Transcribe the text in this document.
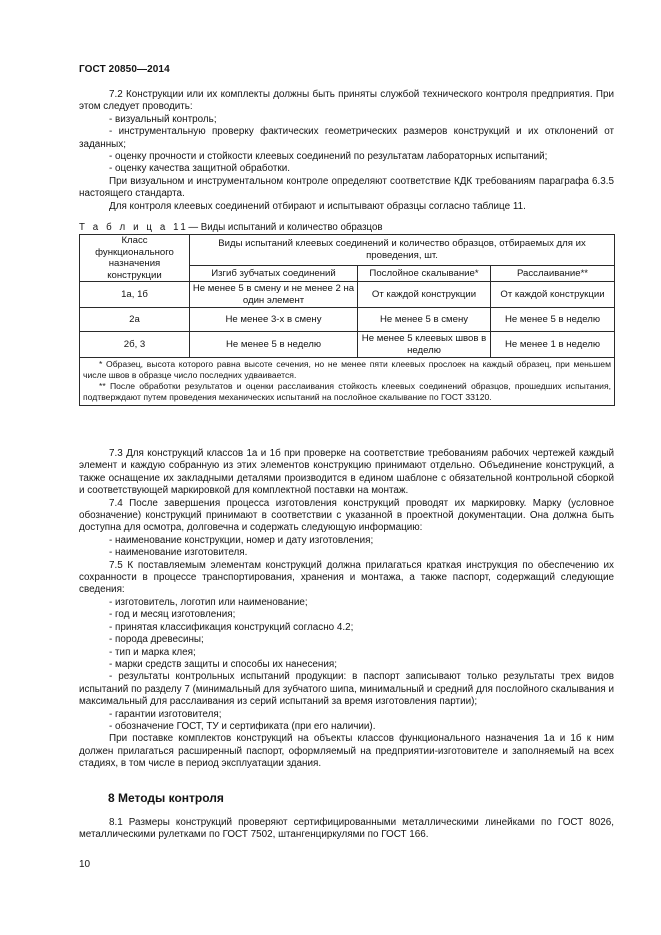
ГОСТ 20850—2014

7.2 Конструкции или их комплекты должны быть приняты службой технического контроля предприятия. При этом следует проводить:

- визуальный контроль;

- инструментальную проверку фактических геометрических размеров конструкций и их отклонений от заданных;

- оценку прочности и стойкости клеевых соединений по результатам лабораторных испытаний;

- оценку качества защитной обработки.

При визуальном и инструментальном контроле определяют соответствие КДК требованиям параграфа 6.3.5 настоящего стандарта.

Для контроля клеевых соединений отбирают и испытывают образцы согласно таблице 11.

Т а б л и ц а 11— Виды испытаний и количество образцов
Класс функционального назначения конструкции	Виды испытаний клеевых соединений и количество образцов, отбираемых для их проведения, шт.		
	Изгиб зубчатых соединений	Послойное скалывание*	Расслаивание**
1а, 1б	Не менее 5 в смену и не менее 2 на один элемент	От каждой конструкции	От каждой конструкции
2а	Не менее 3-х в смену	Не менее 5 в смену	Не менее 5 в неделю
2б, 3	Не менее 5 в неделю	Не менее 5 клеевых швов в неделю	Не менее 1 в неделю

* Образец, высота которого равна высоте сечения, но не менее пяти клеевых прослоек на каждый образец, при меньшем числе швов в образце число последних удваивается.

** После обработки результатов и оценки расслаивания стойкость клеевых соединений образцов, прошедших испытания, подтверждают путем проведения механических испытаний на послойное скалывание по ГОСТ 33120.			

7.3 Для конструкций классов 1а и 1б при проверке на соответствие требованиям рабочих чертежей каждый элемент и каждую собранную из этих элементов конструкцию принимают отдельно. Объединение конструкций, а также оснащение их закладными деталями производится в едином шаблоне с обязательной контрольной сборкой и соответствующей маркировкой для комплектной поставки на монтаж.

7.4 После завершения процесса изготовления конструкций проводят их маркировку. Марку (условное обозначение) конструкций принимают в соответствии с указанной в проектной документации. Она должна быть доступна для осмотра, долговечна и содержать следующую информацию:

- наименование конструкции, номер и дату изготовления;

- наименование изготовителя.

7.5 К поставляемым элементам конструкций должна прилагаться краткая инструкция по обеспечению их сохранности в процессе транспортирования, хранения и монтажа, а также паспорт, содержащий следующие сведения:

- изготовитель, логотип или наименование;

- год и месяц изготовления;

- принятая классификация конструкций согласно 4.2;

- порода древесины;

- тип и марка клея;

- марки средств защиты и способы их нанесения;

- результаты контрольных испытаний продукции: в паспорт записывают только результаты трех видов испытаний по разделу 7 (минимальный для зубчатого шипа, минимальный и средний для послойного скалывания и максимальный для расслаивания из серий испытаний за время изготовления партии);

- гарантии изготовителя;

- обозначение ГОСТ, ТУ и сертификата (при его наличии).

При поставке комплектов конструкций на объекты классов функционального назначения 1а и 1б к ним должен прилагаться расширенный паспорт, оформляемый на предприятии-изготовителе и заполняемый на всех стадиях, в том числе в период эксплуатации здания.

8 Методы контроля

8.1 Размеры конструкций проверяют сертифицированными металлическими линейками по ГОСТ 8026, металлическими рулетками по ГОСТ 7502, штангенциркулями по ГОСТ 166.

10
